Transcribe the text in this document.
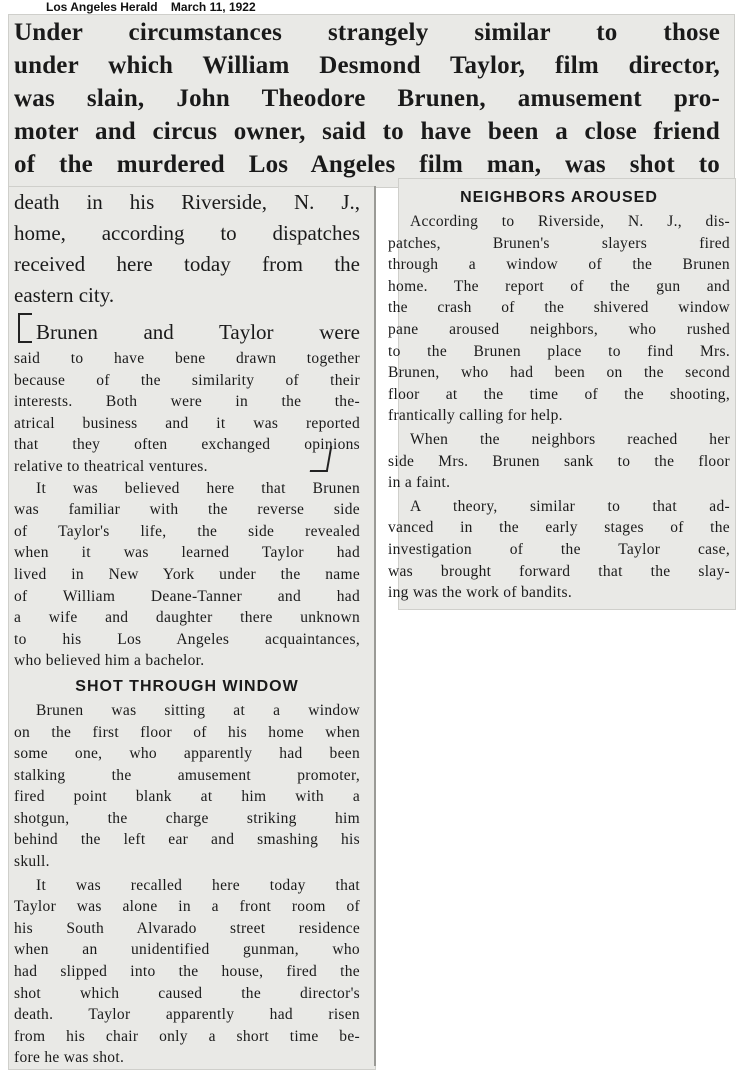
Los Angeles Herald    March 11, 1922
Under circumstances strangely similar to those
under which William Desmond Taylor, film director,
was slain, John Theodore Brunen, amusement pro-
moter and circus owner, said to have been a close friend
of the murdered Los Angeles film man, was shot to
death in his Riverside, N. J.,
home, according to dispatches
received here today from the
eastern city.
Brunen and Taylor were
said to have bene drawn together
because of the similarity of their
interests. Both were in the the-
atrical business and it was reported
that they often exchanged opinions
relative to theatrical ventures.
It was believed here that Brunen
was familiar with the reverse side
of Taylor's life, the side revealed
when it was learned Taylor had
lived in New York under the name
of William Deane-Tanner and had
a wife and daughter there unknown
to his Los Angeles acquaintances,
who believed him a bachelor.
SHOT THROUGH WINDOW
Brunen was sitting at a window
on the first floor of his home when
some one, who apparently had been
stalking the amusement promoter,
fired point blank at him with a
shotgun, the charge striking him
behind the left ear and smashing his
skull.
It was recalled here today that
Taylor was alone in a front room of
his South Alvarado street residence
when an unidentified gunman, who
had slipped into the house, fired the
shot which caused the director's
death. Taylor apparently had risen
from his chair only a short time be-
fore he was shot.
NEIGHBORS AROUSED
According to Riverside, N. J., dis-
patches, Brunen's slayers fired
through a window of the Brunen
home. The report of the gun and
the crash of the shivered window
pane aroused neighbors, who rushed
to the Brunen place to find Mrs.
Brunen, who had been on the second
floor at the time of the shooting,
frantically calling for help.
When the neighbors reached her
side Mrs. Brunen sank to the floor
in a faint.
A theory, similar to that ad-
vanced in the early stages of the
investigation of the Taylor case,
was brought forward that the slay-
ing was the work of bandits.
